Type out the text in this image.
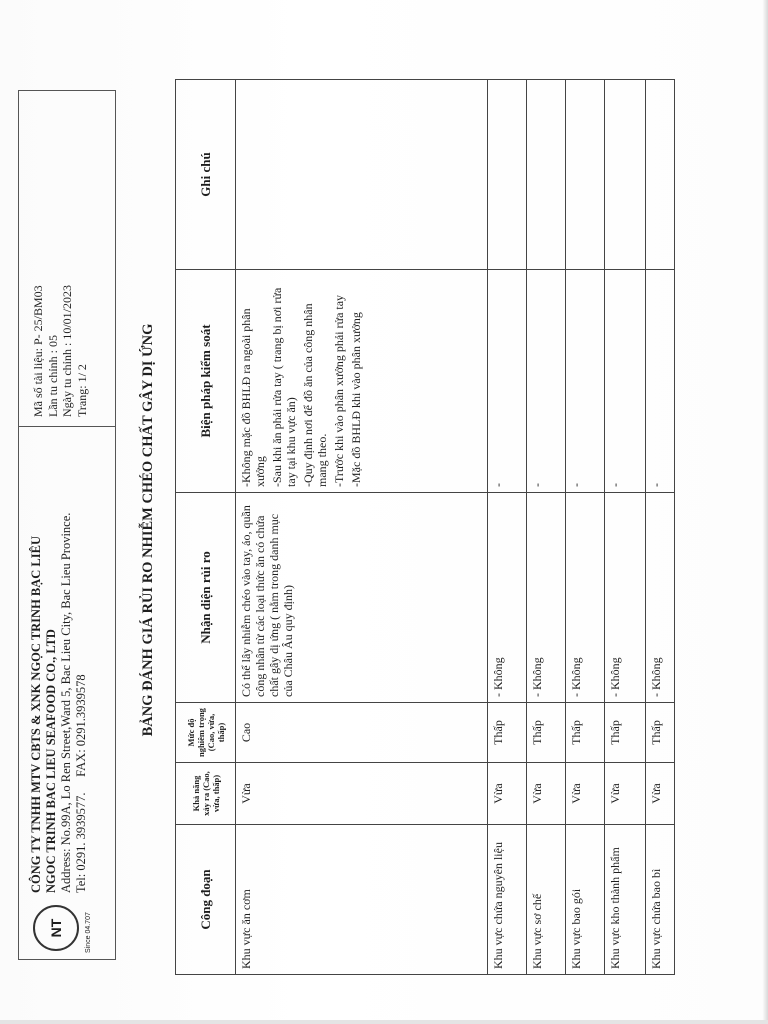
NT	Since 04.707
CÔNG TY TNHH MTV CBTS & XNK NGỌC TRINH BẠC LIÊU NGOC TRINH BAC LIEU SEAFOOD CO., LTD Address: No.99A, Lo Ren Street,Ward 5, Bac Lieu City, Bac Lieu Province. Tel: 0291. 3939577.     FAX: 0291.3939578
Mã số tài liệu: P- 25/BM03 Lần tu chỉnh : 05 Ngày tu chỉnh : 10/01/2023 Trang: 1/ 2	BẢNG ĐÁNH GIÁ RỦI RO NHIỄM CHÉO CHẤT GÂY DỊ ỨNG
Công đoạn	Khả năng
xảy ra (Cao,
vừa, thấp)	Mức độ
nghiêm trọng
(Cao, vừa,
thấp)	Nhận diện rủi ro	Biện pháp kiểm soát	Ghi chú
Khu vực ăn cơm	Vừa	Cao	Có thể lây nhiễm chéo vào tay, áo, quần công nhân từ các loại thức ăn có chứa chất gây dị ứng ( nằm trong danh mục của Châu Âu quy định)	-Không mặc đồ BHLĐ ra ngoài phân xưởng -Sau khi ăn phải rửa tay ( trang bị nơi rửa tay tại khu vực ăn) -Quy định nơi để đồ ăn của công nhân mang theo. -Trước khi vào phân xưởng phải rửa tay -Mặc đồ BHLĐ khi vào phân xưởng	

Khu vực chứa nguyên liệu	Vừa	Thấp	- Không	-	
Khu vực sơ chế	Vừa	Thấp	- Không	-	
Khu vực bao gói	Vừa	Thấp	- Không	-	
Khu vực kho thành phẩm	Vừa	Thấp	- Không	-	
Khu vực chứa bao bì	Vừa	Thấp	- Không	-	
